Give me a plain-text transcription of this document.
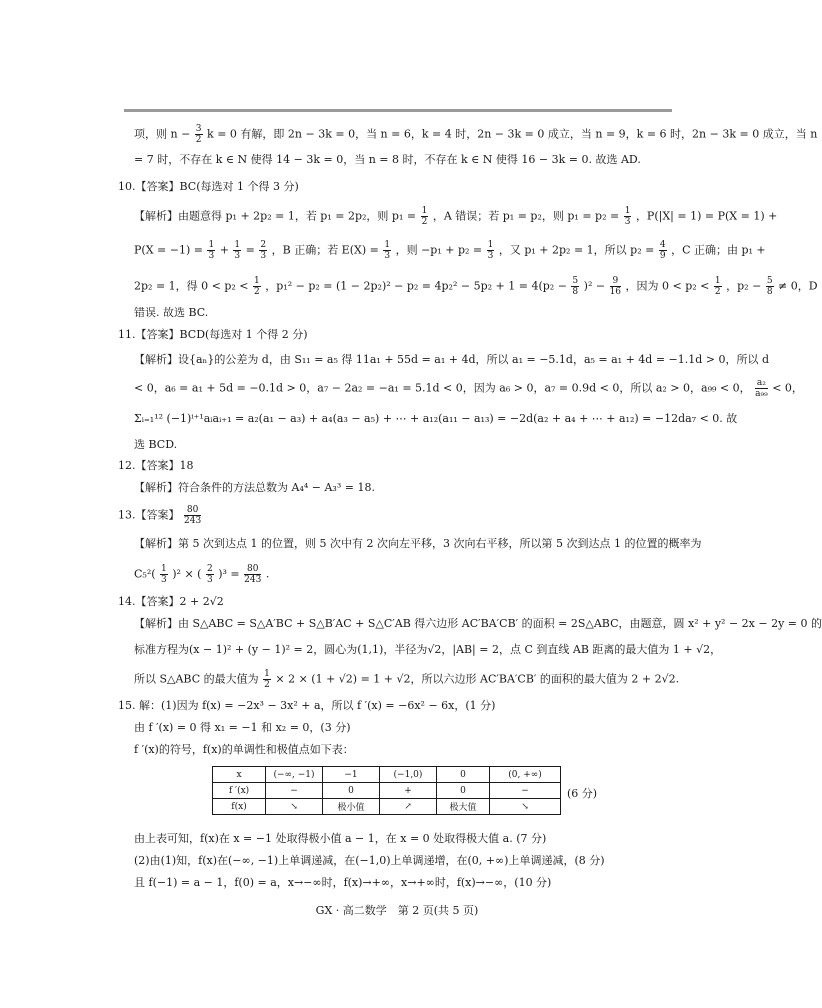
项，则 $n - \frac{3}{2}$ k = 0 有解，即 2n − 3k = 0，当 n = 6，k = 4 时，2n − 3k = 0 成立，当 n = 9，k = 6 时，2n − 3k = 0 成立，当 n
= 7 时，不存在 k ∈ N 使得 14 − 3k = 0，当 n = 8 时，不存在 k ∈ N 使得 16 − 3k = 0. 故选 AD.
10.【答案】BC(每选对 1 个得 3 分)
【解析】由题意得 p₁ + 2p₂ = 1，若 p₁ = 2p₂，则 $p_1 = \frac{1}{2}$ ，A 错误；若 p₁ = p₂，则 $p_1 = p_2 = \frac{1}{3}$ ，P(|X| = 1) = P(X = 1) +
$P(X = -1) = \frac{1}{3} + \frac{1}{3} = \frac{2}{3}$ ，B 正确；若 $E(X) = \frac{1}{3}$ ，则 $-p_1 + p_2 = \frac{1}{3}$ ，又 p₁ + 2p₂ = 1，所以 $p_2 = \frac{4}{9}$ ，C 正确；由 p₁ +
2p₂ = 1，得 $0 < p_2 < \frac{1}{2}$ ，$p_1^2 - p_2 = (1 - 2p_2)^2 - p_2 = 4p_2^2 - 5p_2 + 1 = 4(p_2 - \frac{5}{8} )^2 - \frac{9}{16}$ ，因为 $0 < p_2 < \frac{1}{2}$ ，$p_2 - \frac{5}{8} \ne 0$，D
错误. 故选 BC.
11.【答案】BCD(每选对 1 个得 2 分)
【解析】设{aₙ}的公差为 d，由 S₁₁ = a₅ 得 11a₁ + 55d = a₁ + 4d，所以 a₁ = −5.1d，a₅ = a₁ + 4d = −1.1d > 0，所以 d
< 0，a₆ = a₁ + 5d = −0.1d > 0，a₇ − 2a₂ = −a₁ = 5.1d < 0，因为 a₆ > 0，a₇ = 0.9d < 0，所以 a₂ > 0，a₉₉ < 0， $\frac{\text{a₂}}{\text{a₉₉}} < 0$，
Σᵢ₌₁¹² (−1)ⁱ⁺¹aᵢaᵢ₊₁ = a₂(a₁ − a₃) + a₄(a₃ − a₅) + ⋯ + a₁₂(a₁₁ − a₁₃) = −2d(a₂ + a₄ + ⋯ + a₁₂) = −12da₇ < 0. 故
选 BCD.
12.【答案】18
【解析】符合条件的方法总数为 A₄⁴ − A₃³ = 18.
13.【答案】 $\frac{80}{243}$
【解析】第 5 次到达点 1 的位置，则 5 次中有 2 次向左平移，3 次向右平移，所以第 5 次到达点 1 的位置的概率为
$C_5^2( \frac{1}{3} )^2$ × ( $\frac{2}{3} )^3 = \frac{80}{243}$ .
14.【答案】2 + 2√2
【解析】由 S△ABC = S△A′BC + S△B′AC + S△C′AB 得六边形 AC′BA′CB′ 的面积 = 2S△ABC，由题意，圆 x² + y² − 2x − 2y = 0 的
标准方程为(x − 1)² + (y − 1)² = 2，圆心为(1,1)，半径为√2，|AB| = 2，点 C 到直线 AB 距离的最大值为 1 + √2，
所以 S△ABC 的最大值为 $\frac{1}{2} \times 2 \times (1 + √2) = 1 + √2$，所以六边形 AC′BA′CB′ 的面积的最大值为 2 + 2√2.
15. 解：(1)因为 f(x) = −2x³ − 3x² + a，所以 f ′(x) = −6x² − 6x，(1 分)
由 f ′(x) = 0 得 x₁ = −1 和 x₂ = 0，(3 分)
f ′(x)的符号，f(x)的单调性和极值点如下表：
x	(−∞, −1)	−1	(−1,0)	0	(0, +∞)
f ′(x)	−	0	+	0	−
f(x)	↘	极小值	↗	极大值	↘
(6 分)
由上表可知，f(x)在 x = −1 处取得极小值 a − 1，在 x = 0 处取得极大值 a. (7 分)
(2)由(1)知，f(x)在(−∞, −1)上单调递减，在(−1,0)上单调递增，在(0, +∞)上单调递减，(8 分)
且 f(−1) = a − 1，f(0) = a，x→−∞时，f(x)→+∞，x→+∞时，f(x)→−∞，(10 分)
GX · 高二数学　第 2 页(共 5 页)
